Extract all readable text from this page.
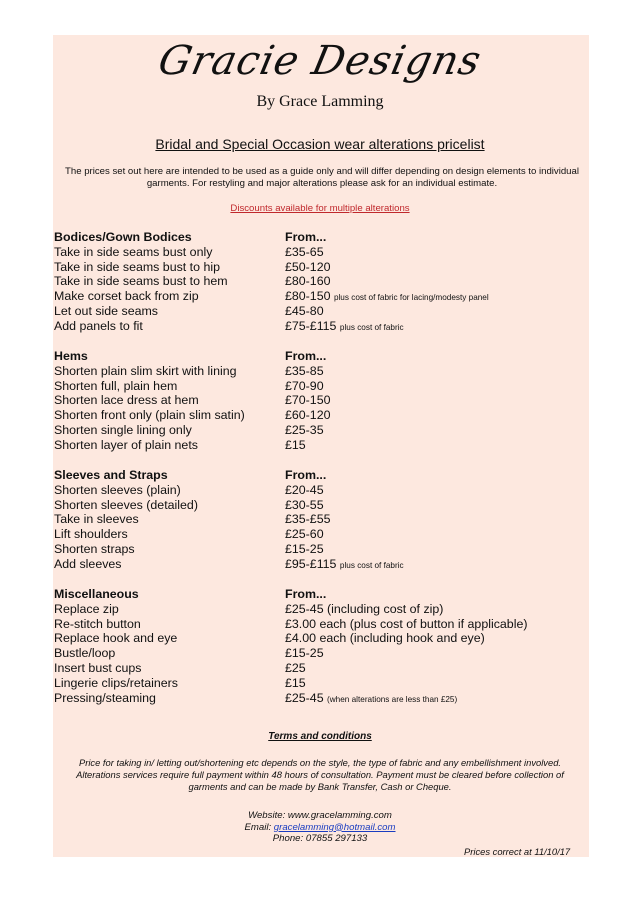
Gracie Designs
By Grace Lamming
Bridal and Special Occasion wear alterations pricelist
The prices set out here are intended to be used as a guide only and will differ depending on design elements to individual garments. For restyling and major alterations please ask for an individual estimate.
Discounts available for multiple alterations
Bodices/Gown Bodices	From...
Take in side seams bust only	£35-65
Take in side seams bust to hip	£50-120
Take in side seams bust to hem	£80-160
Make corset back from zip	£80-150 plus cost of fabric for lacing/modesty panel
Let out side seams	£45-80
Add panels to fit	£75-£115 plus cost of fabric
Hems	From...
Shorten plain slim skirt with lining	£35-85
Shorten full, plain hem	£70-90
Shorten lace dress at hem	£70-150
Shorten front only (plain slim satin)	£60-120
Shorten single lining only	£25-35
Shorten layer of plain nets	£15
Sleeves and Straps	From...
Shorten sleeves (plain)	£20-45
Shorten sleeves (detailed)	£30-55
Take in sleeves	£35-£55
Lift shoulders	£25-60
Shorten straps	£15-25
Add sleeves	£95-£115 plus cost of fabric
Miscellaneous	From...
Replace zip	£25-45 (including cost of zip)
Re-stitch button	£3.00 each (plus cost of button if applicable)
Replace hook and eye	£4.00 each (including hook and eye)
Bustle/loop	£15-25
Insert bust cups	£25
Lingerie clips/retainers	£15
Pressing/steaming	£25-45 (when alterations are less than £25)
Terms and conditions
Price for taking in/ letting out/shortening etc depends on the style, the type of fabric and any embellishment involved. Alterations services require full payment within 48 hours of consultation. Payment must be cleared before collection of garments and can be made by Bank Transfer, Cash or Cheque.
Website: www.gracelamming.com
Email: gracelamming@hotmail.com
Phone: 07855 297133
Prices correct at 11/10/17
